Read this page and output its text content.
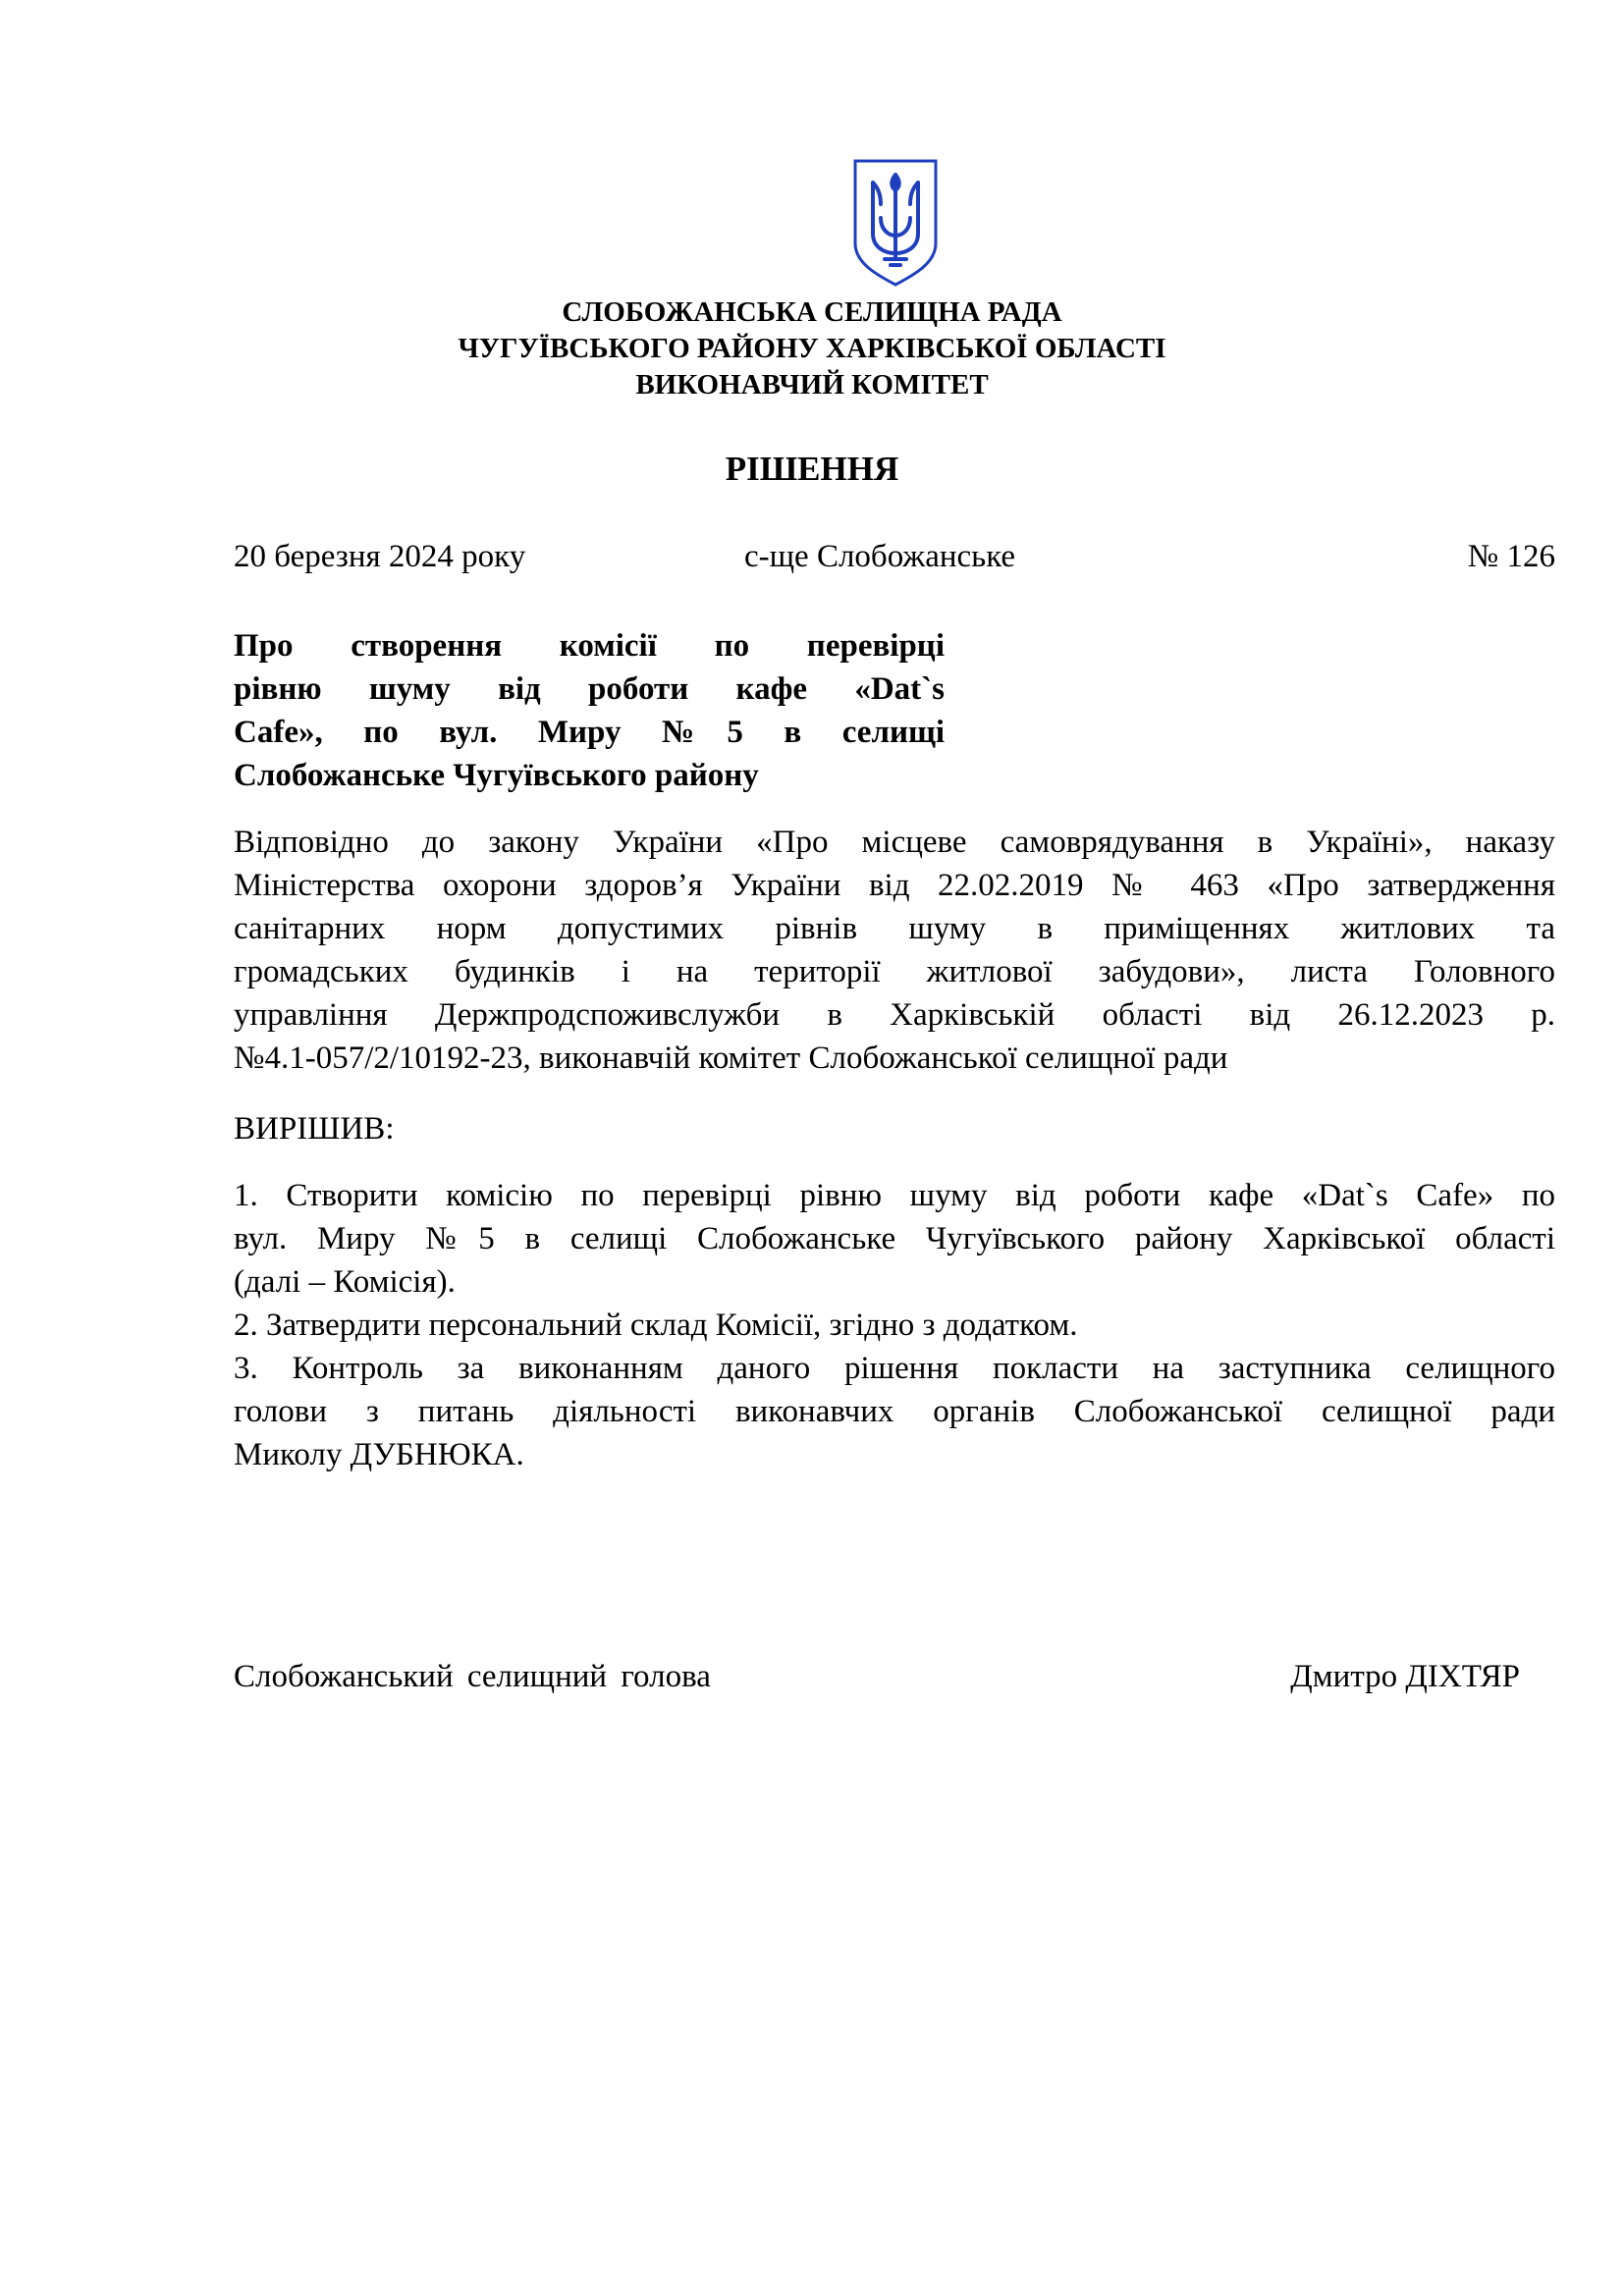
СЛОБОЖАНСЬКА СЕЛИЩНА РАДА
ЧУГУЇВСЬКОГО РАЙОНУ ХАРКІВСЬКОЇ ОБЛАСТІ
ВИКОНАВЧИЙ КОМІТЕТ
РІШЕННЯ
20 березня 2024 року	с-ще Слобожанське	№ 126
Про створення комісії по перевірці
рівню шуму від роботи кафе «Dat`s
Cafe», по вул. Миру №5 в селищі
Слобожанське Чугуївського району
Відповідно до закону України «Про місцеве самоврядування в Україні», наказу
Міністерства охорони здоров’я України від 22.02.2019 № 463 «Про затвердження
санітарних норм допустимих рівнів шуму в приміщеннях житлових та
громадських будинків і на території житлової забудови», листа Головного
управління Держпродспоживслужби в Харківській області від 26.12.2023 р.
№4.1-057/2/10192-23, виконавчій комітет Слобожанської селищної ради
ВИРІШИВ:
1. Створити комісію по перевірці рівню шуму від роботи кафе «Dat`s Cafe» по
вул. Миру №5 в селищі Слобожанське Чугуївського району Харківської області
(далі – Комісія).
2. Затвердити персональний склад Комісії, згідно з додатком.
3. Контроль за виконанням даного рішення покласти на заступника селищного
голови з питань діяльності виконавчих органів Слобожанської селищної ради
Миколу ДУБНЮКА.
Слобожанський селищний голова	Дмитро ДІХТЯР
